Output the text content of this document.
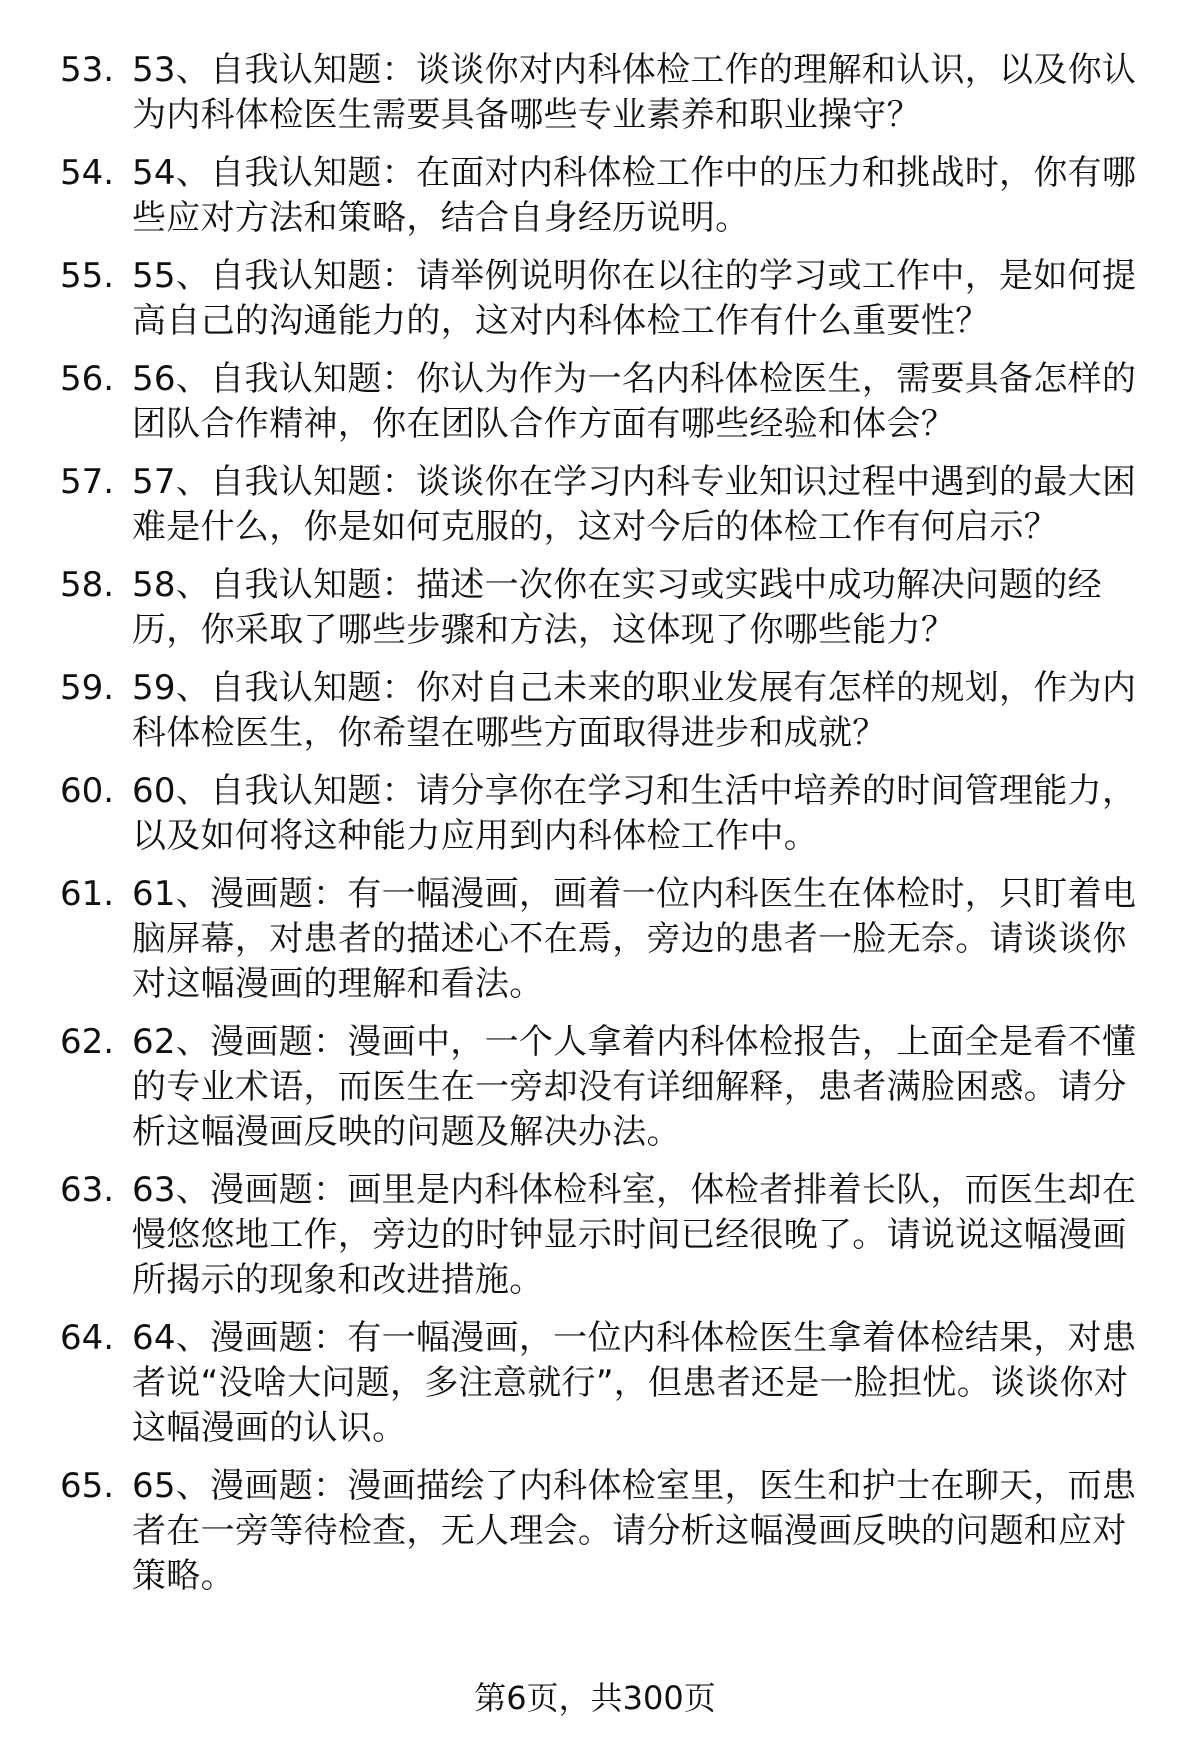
53. 53、自我认知题：谈谈你对内科体检工作的理解和认识，以及你认为内科体检医生需要具备哪些专业素养和职业操守？
54. 54、自我认知题：在面对内科体检工作中的压力和挑战时，你有哪些应对方法和策略，结合自身经历说明。
55. 55、自我认知题：请举例说明你在以往的学习或工作中，是如何提高自己的沟通能力的，这对内科体检工作有什么重要性？
56. 56、自我认知题：你认为作为一名内科体检医生，需要具备怎样的团队合作精神，你在团队合作方面有哪些经验和体会？
57. 57、自我认知题：谈谈你在学习内科专业知识过程中遇到的最大困难是什么，你是如何克服的，这对今后的体检工作有何启示？
58. 58、自我认知题：描述一次你在实习或实践中成功解决问题的经历，你采取了哪些步骤和方法，这体现了你哪些能力？
59. 59、自我认知题：你对自己未来的职业发展有怎样的规划，作为内科体检医生，你希望在哪些方面取得进步和成就？
60. 60、自我认知题：请分享你在学习和生活中培养的时间管理能力，以及如何将这种能力应用到内科体检工作中。
61. 61、漫画题：有一幅漫画，画着一位内科医生在体检时，只盯着电脑屏幕，对患者的描述心不在焉，旁边的患者一脸无奈。请谈谈你对这幅漫画的理解和看法。
62. 62、漫画题：漫画中，一个人拿着内科体检报告，上面全是看不懂的专业术语，而医生在一旁却没有详细解释，患者满脸困惑。请分析这幅漫画反映的问题及解决办法。
63. 63、漫画题：画里是内科体检科室，体检者排着长队，而医生却在慢悠悠地工作，旁边的时钟显示时间已经很晚了。请说说这幅漫画所揭示的现象和改进措施。
64. 64、漫画题：有一幅漫画，一位内科体检医生拿着体检结果，对患者说“没啥大问题，多注意就行”，但患者还是一脸担忧。谈谈你对这幅漫画的认识。
65. 65、漫画题：漫画描绘了内科体检室里，医生和护士在聊天，而患者在一旁等待检查，无人理会。请分析这幅漫画反映的问题和应对策略。
第6页，共300页
